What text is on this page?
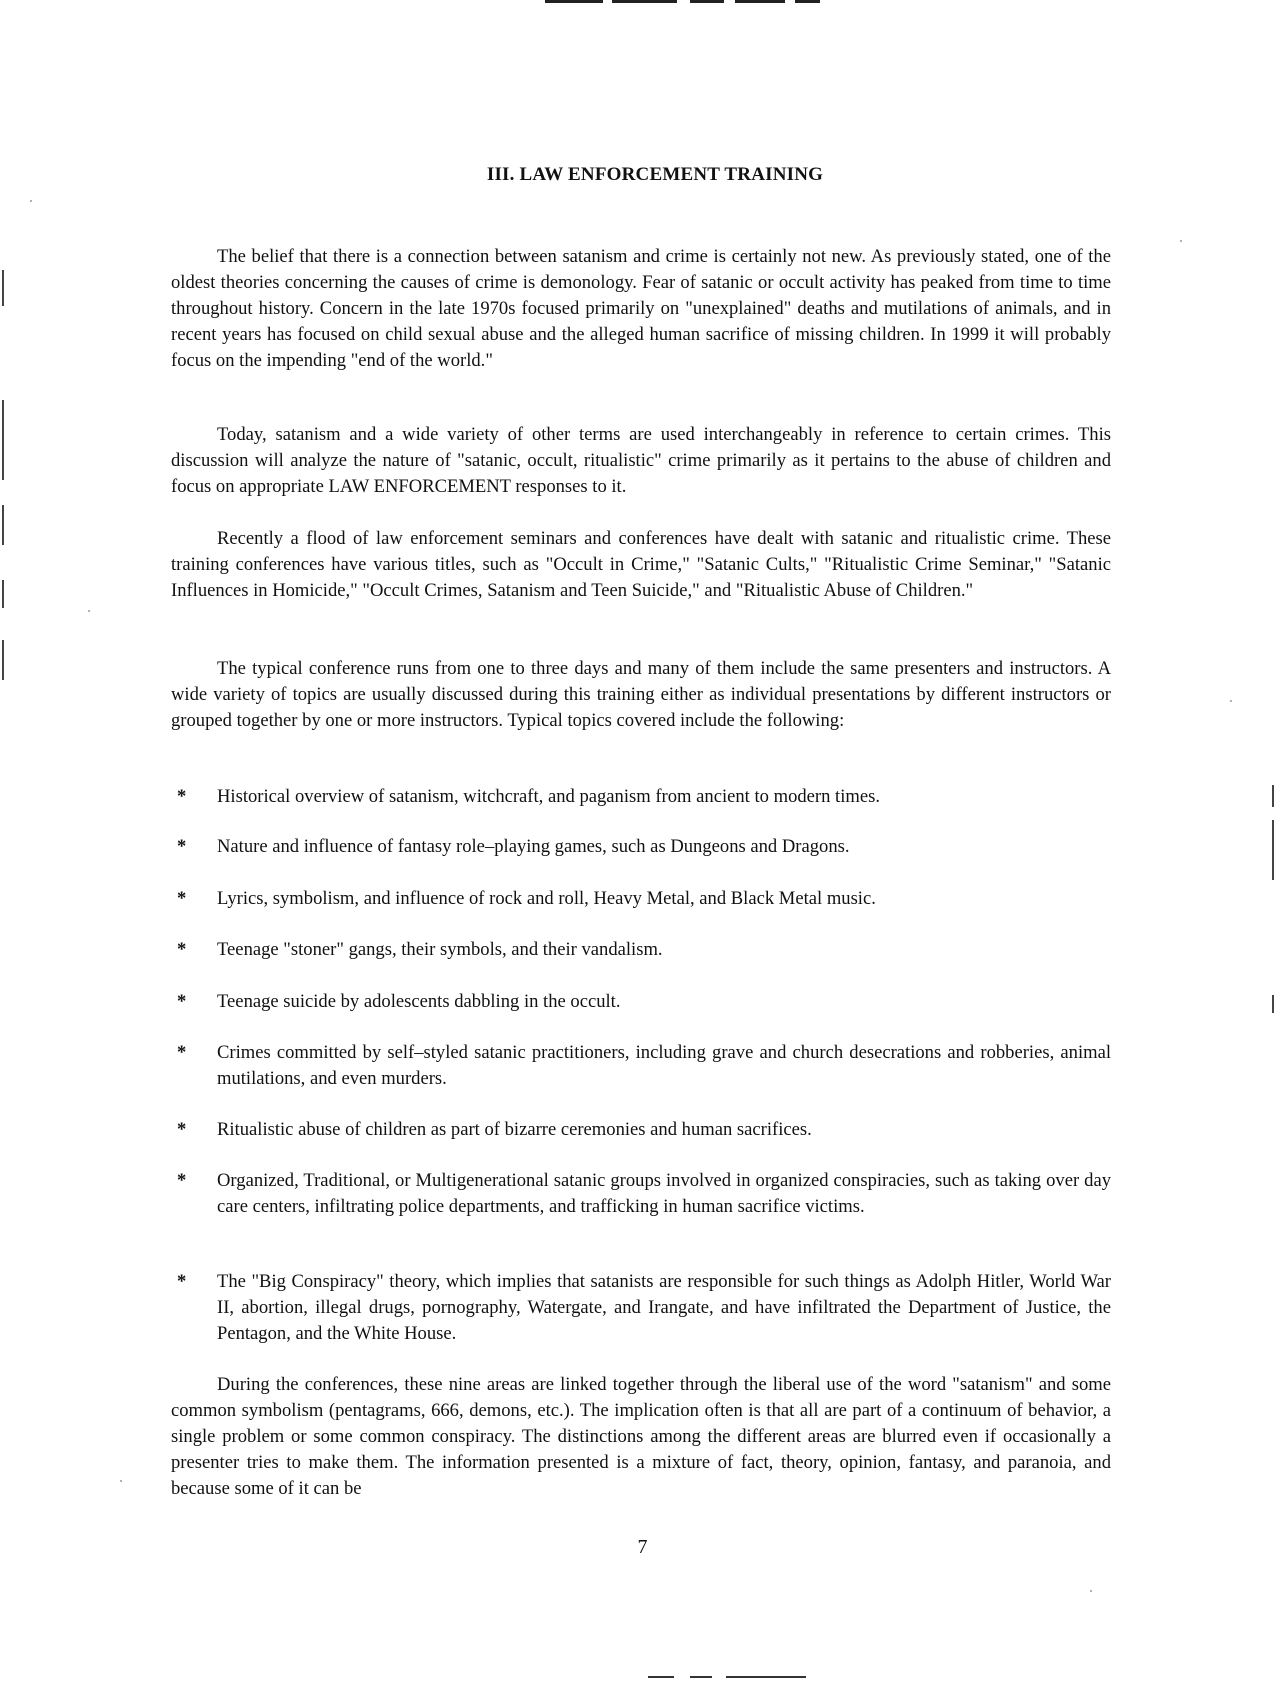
III. LAW ENFORCEMENT TRAINING

The belief that there is a connection between satanism and crime is certainly not new. As previously stated, one of the oldest theories concerning the causes of crime is demonology. Fear of satanic or occult activity has peaked from time to time throughout history. Concern in the late 1970s focused primarily on "unexplained" deaths and mutilations of animals, and in recent years has focused on child sexual abuse and the alleged human sacrifice of missing children. In 1999 it will probably focus on the impending "end of the world."

Today, satanism and a wide variety of other terms are used interchangeably in reference to certain crimes. This discussion will analyze the nature of "satanic, occult, ritualistic" crime primarily as it pertains to the abuse of children and focus on appropriate LAW ENFORCEMENT responses to it.

Recently a flood of law enforcement seminars and conferences have dealt with satanic and ritualistic crime. These training conferences have various titles, such as "Occult in Crime," "Satanic Cults," "Ritualistic Crime Seminar," "Satanic Influences in Homicide," "Occult Crimes, Satanism and Teen Suicide," and "Ritualistic Abuse of Children."

The typical conference runs from one to three days and many of them include the same presenters and instructors. A wide variety of topics are usually discussed during this training either as individual presentations by different instructors or grouped together by one or more instructors. Typical topics covered include the following:

* Historical overview of satanism, witchcraft, and paganism from ancient to modern times.
* Nature and influence of fantasy role–playing games, such as Dungeons and Dragons.
* Lyrics, symbolism, and influence of rock and roll, Heavy Metal, and Black Metal music.
* Teenage "stoner" gangs, their symbols, and their vandalism.
* Teenage suicide by adolescents dabbling in the occult.
* Crimes committed by self–styled satanic practitioners, including grave and church desecrations and robberies, animal mutilations, and even murders.
* Ritualistic abuse of children as part of bizarre ceremonies and human sacrifices.
* Organized, Traditional, or Multigenerational satanic groups involved in organized conspiracies, such as taking over day care centers, infiltrating police departments, and trafficking in human sacrifice victims.
* The "Big Conspiracy" theory, which implies that satanists are responsible for such things as Adolph Hitler, World War II, abortion, illegal drugs, pornography, Watergate, and Irangate, and have infiltrated the Department of Justice, the Pentagon, and the White House.

During the conferences, these nine areas are linked together through the liberal use of the word "satanism" and some common symbolism (pentagrams, 666, demons, etc.). The implication often is that all are part of a continuum of behavior, a single problem or some common conspiracy. The distinctions among the different areas are blurred even if occasionally a presenter tries to make them. The information presented is a mixture of fact, theory, opinion, fantasy, and paranoia, and because some of it can be

7
